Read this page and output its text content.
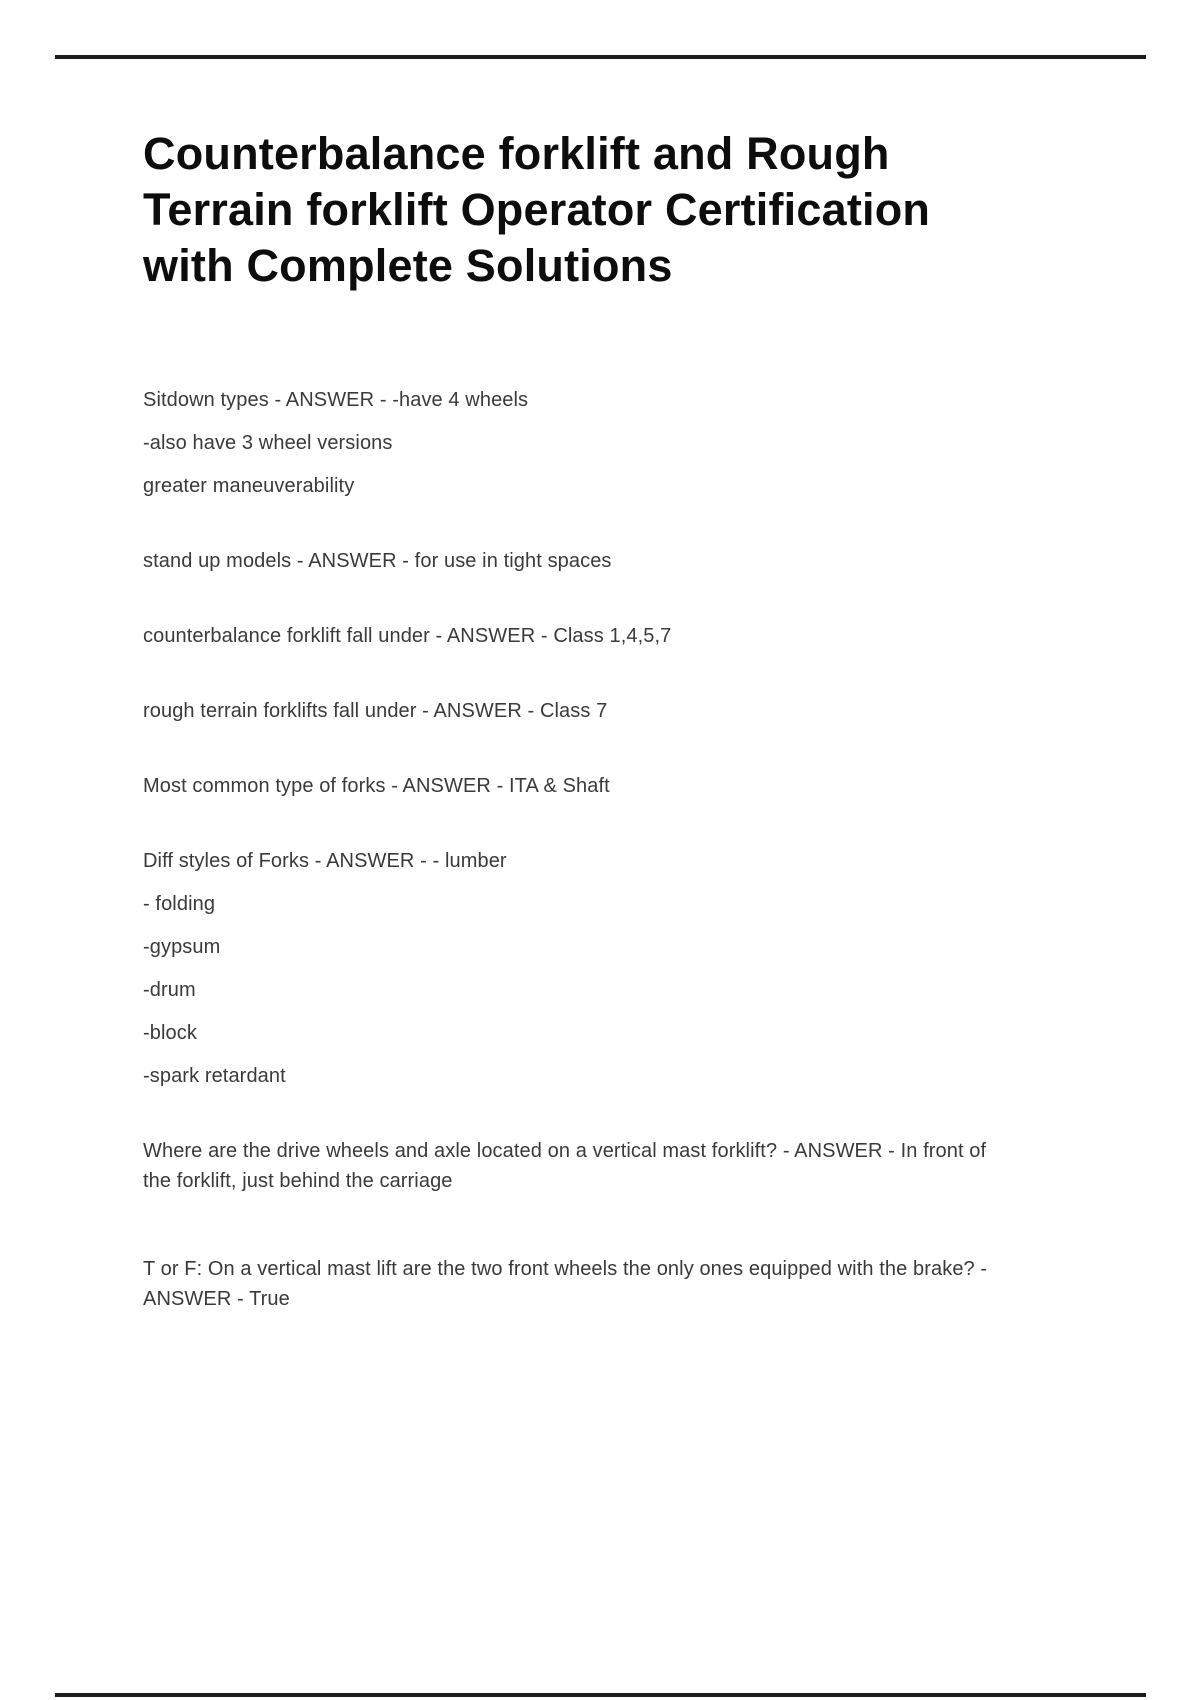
Counterbalance forklift and Rough
Terrain forklift Operator Certification
with Complete Solutions

Sitdown types - ANSWER - -have 4 wheels

-also have 3 wheel versions

greater maneuverability

stand up models - ANSWER - for use in tight spaces

counterbalance forklift fall under - ANSWER - Class 1,4,5,7

rough terrain forklifts fall under - ANSWER - Class 7

Most common type of forks - ANSWER - ITA & Shaft

Diff styles of Forks - ANSWER - - lumber

- folding

-gypsum

-drum

-block

-spark retardant

Where are the drive wheels and axle located on a vertical mast forklift? - ANSWER - In front of

the forklift, just behind the carriage

T or F: On a vertical mast lift are the two front wheels the only ones equipped with the brake? -

ANSWER - True
